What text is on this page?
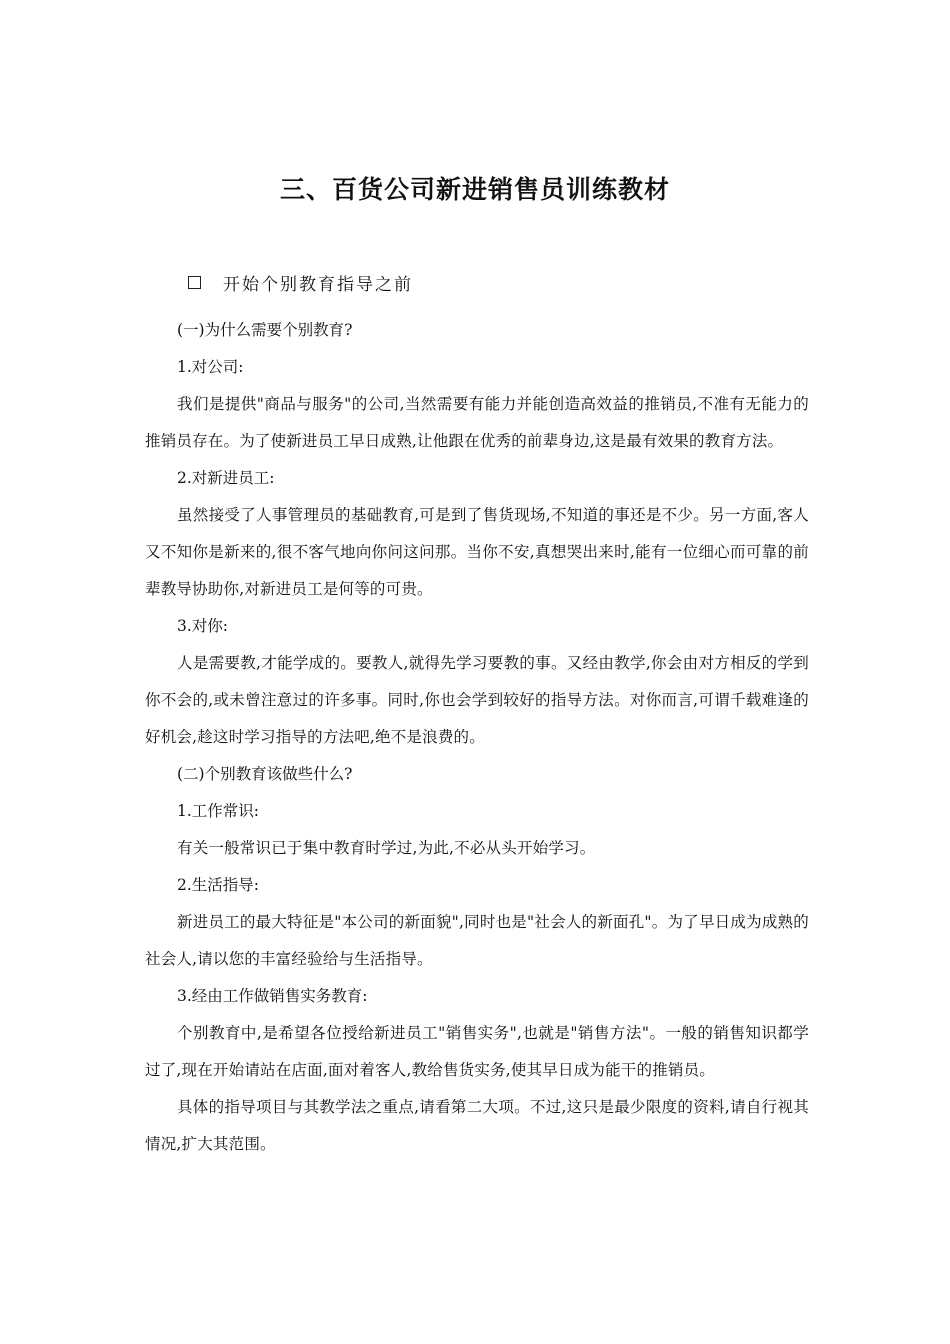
三、百货公司新进销售员训练教材
开始个别教育指导之前
(一)为什么需要个别教育?
1.对公司:

我们是提供"商品与服务"的公司,当然需要有能力并能创造高效益的推销员,不准有无能力的推销员存在。为了使新进员工早日成熟,让他跟在优秀的前辈身边,这是最有效果的教育方法。

2.对新进员工:

虽然接受了人事管理员的基础教育,可是到了售货现场,不知道的事还是不少。另一方面,客人又不知你是新来的,很不客气地向你问这问那。当你不安,真想哭出来时,能有一位细心而可靠的前辈教导协助你,对新进员工是何等的可贵。

3.对你:

人是需要教,才能学成的。要教人,就得先学习要教的事。又经由教学,你会由对方相反的学到你不会的,或未曾注意过的许多事。同时,你也会学到较好的指导方法。对你而言,可谓千载难逢的好机会,趁这时学习指导的方法吧,绝不是浪费的。

(二)个别教育该做些什么?
1.工作常识:

有关一般常识已于集中教育时学过,为此,不必从头开始学习。

2.生活指导:

新进员工的最大特征是"本公司的新面貌",同时也是"社会人的新面孔"。为了早日成为成熟的社会人,请以您的丰富经验给与生活指导。

3.经由工作做销售实务教育:

个别教育中,是希望各位授给新进员工"销售实务",也就是"销售方法"。一般的销售知识都学过了,现在开始请站在店面,面对着客人,教给售货实务,使其早日成为能干的推销员。

具体的指导项目与其教学法之重点,请看第二大项。不过,这只是最少限度的资料,请自行视其情况,扩大其范围。
